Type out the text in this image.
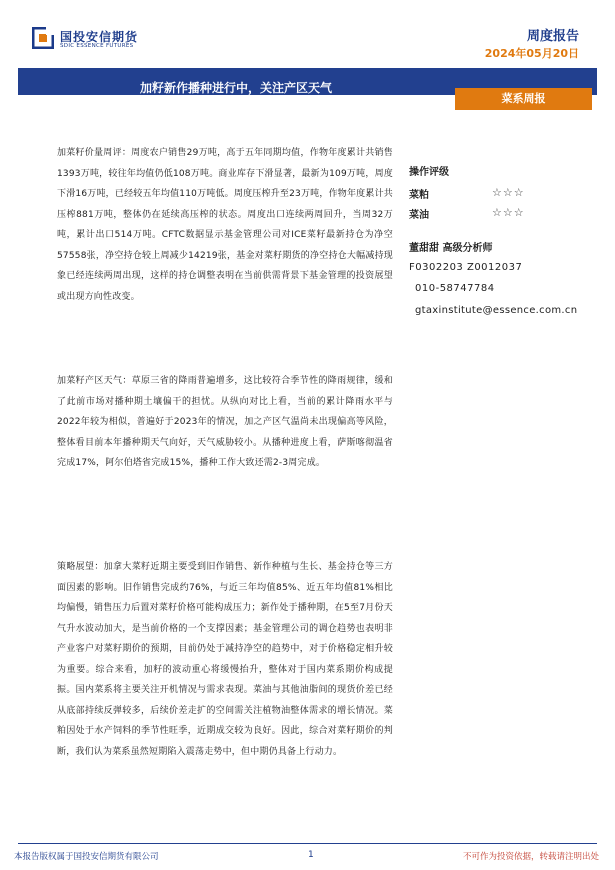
国投安信期货
SDIC ESSENCE FUTURES
周度报告
2024年05月20日
加籽新作播种进行中，关注产区天气
菜系周报

加菜籽价量周评：周度农户销售29万吨，高于五年同期均值，作物年度累计共销售1393万吨，较往年均值仍低108万吨。商业库存下滑显著，最新为109万吨，周度下滑16万吨，已经较五年均值110万吨低。周度压榨升至23万吨，作物年度累计共压榨881万吨，整体仍在延续高压榨的状态。周度出口连续两周回升，当周32万吨，累计出口514万吨。CFTC数据显示基金管理公司对ICE菜籽最新持仓为净空57558张，净空持仓较上周减少14219张，基金对菜籽期货的净空持仓大幅减持现象已经连续两周出现，这样的持仓调整表明在当前供需背景下基金管理的投资展望或出现方向性改变。

加菜籽产区天气：草原三省的降雨普遍增多，这比较符合季节性的降雨规律，缓和了此前市场对播种期土壤偏干的担忧。从纵向对比上看，当前的累计降雨水平与2022年较为相似，普遍好于2023年的情况，加之产区气温尚未出现偏高等风险，整体看目前本年播种期天气向好，天气威胁较小。从播种进度上看，萨斯喀彻温省完成17%，阿尔伯塔省完成15%，播种工作大致还需2-3周完成。

策略展望：加拿大菜籽近期主要受到旧作销售、新作种植与生长、基金持仓等三方面因素的影响。旧作销售完成约76%，与近三年均值85%、近五年均值81%相比均偏慢，销售压力后置对菜籽价格可能构成压力；新作处于播种期，在5至7月份天气升水波动加大，是当前价格的一个支撑因素；基金管理公司的调仓趋势也表明非产业客户对菜籽期价的预期，目前仍处于减持净空的趋势中，对于价格稳定相升较为重要。综合来看，加籽的波动重心将缓慢抬升，整体对于国内菜系期价构成提振。国内菜系将主要关注开机情况与需求表现。菜油与其他油脂间的现货价差已经从底部持续反弹较多，后续价差走扩的空间需关注植物油整体需求的增长情况。菜粕因处于水产饲料的季节性旺季，近期成交较为良好。因此，综合对菜籽期价的判断，我们认为菜系虽然短期陷入震荡走势中，但中期仍具备上行动力。

操作评级
菜粕	☆☆☆
菜油	☆☆☆
董甜甜 高级分析师
F0302203 Z0012037
010-58747784
gtaxinstitute@essence.com.cn
本报告版权属于国投安信期货有限公司	1	不可作为投资依据，转载请注明出处
